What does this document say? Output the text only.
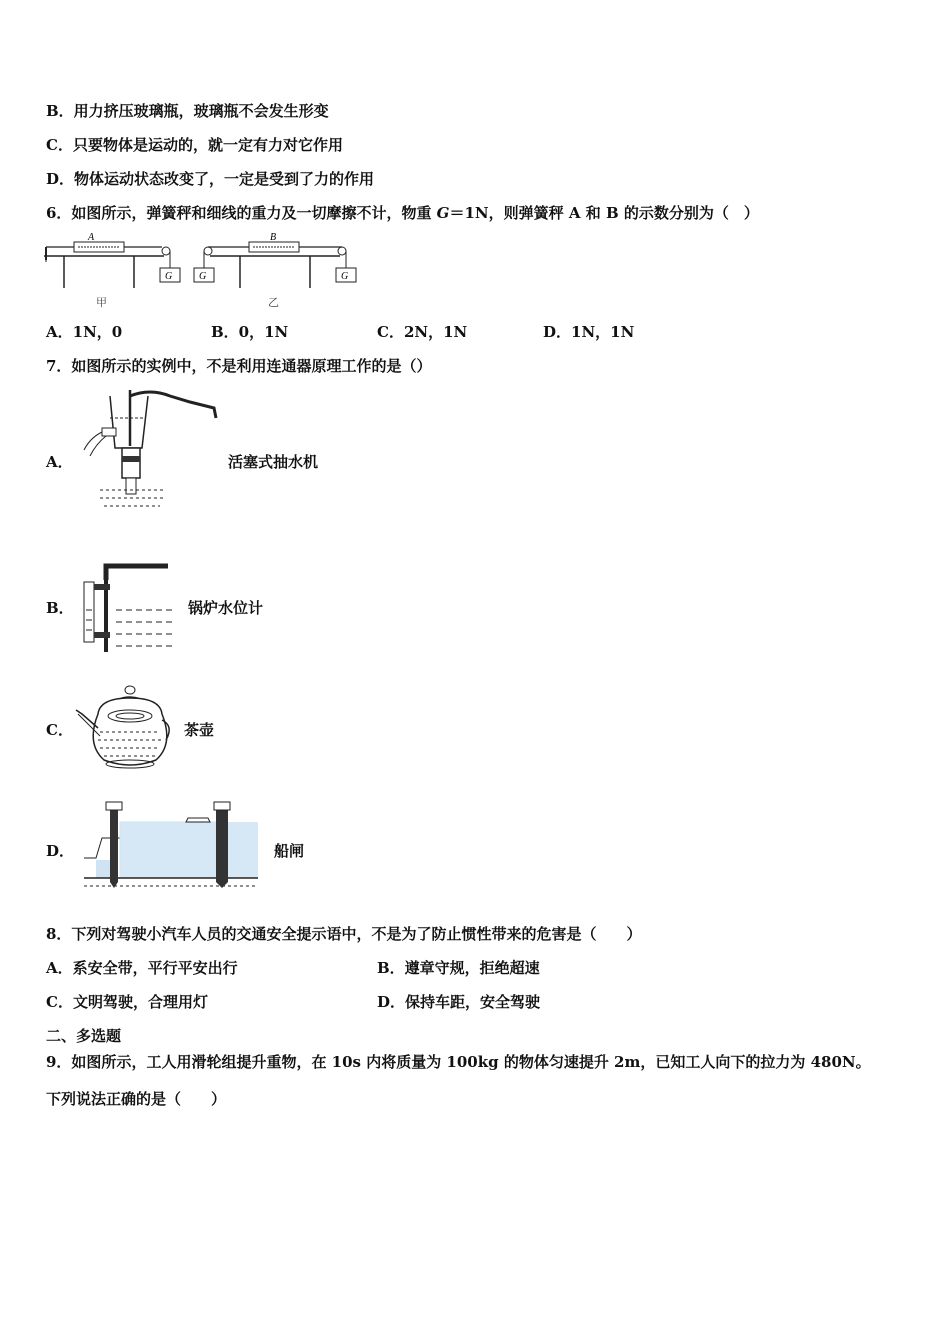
B．用力挤压玻璃瓶，玻璃瓶不会发生形变
C．只要物体是运动的，就一定有力对它作用
D．物体运动状态改变了，一定是受到了力的作用
6．如图所示，弹簧秤和细线的重力及一切摩擦不计，物重 G＝1N，则弹簧秤 A 和 B 的示数分别为（　）
A
G
甲
G
B
G
乙
A．1N，0	B．0，1N	C．2N，1N	D．1N，1N
7．如图所示的实例中，不是利用连通器原理工作的是（）
A．	活塞式抽水机
B．	锅炉水位计
C．	茶壶
D．	船闸
8．下列对驾驶小汽车人员的交通安全提示语中，不是为了防止惯性带来的危害是（　　）
A．系安全带，平行平安出行	B．遵章守规，拒绝超速
C．文明驾驶，合理用灯	D．保持车距，安全驾驶
二、多选题
9．如图所示，工人用滑轮组提升重物，在 10s 内将质量为 100kg 的物体匀速提升 2m，已知工人向下的拉力为 480N。
下列说法正确的是（　　）
